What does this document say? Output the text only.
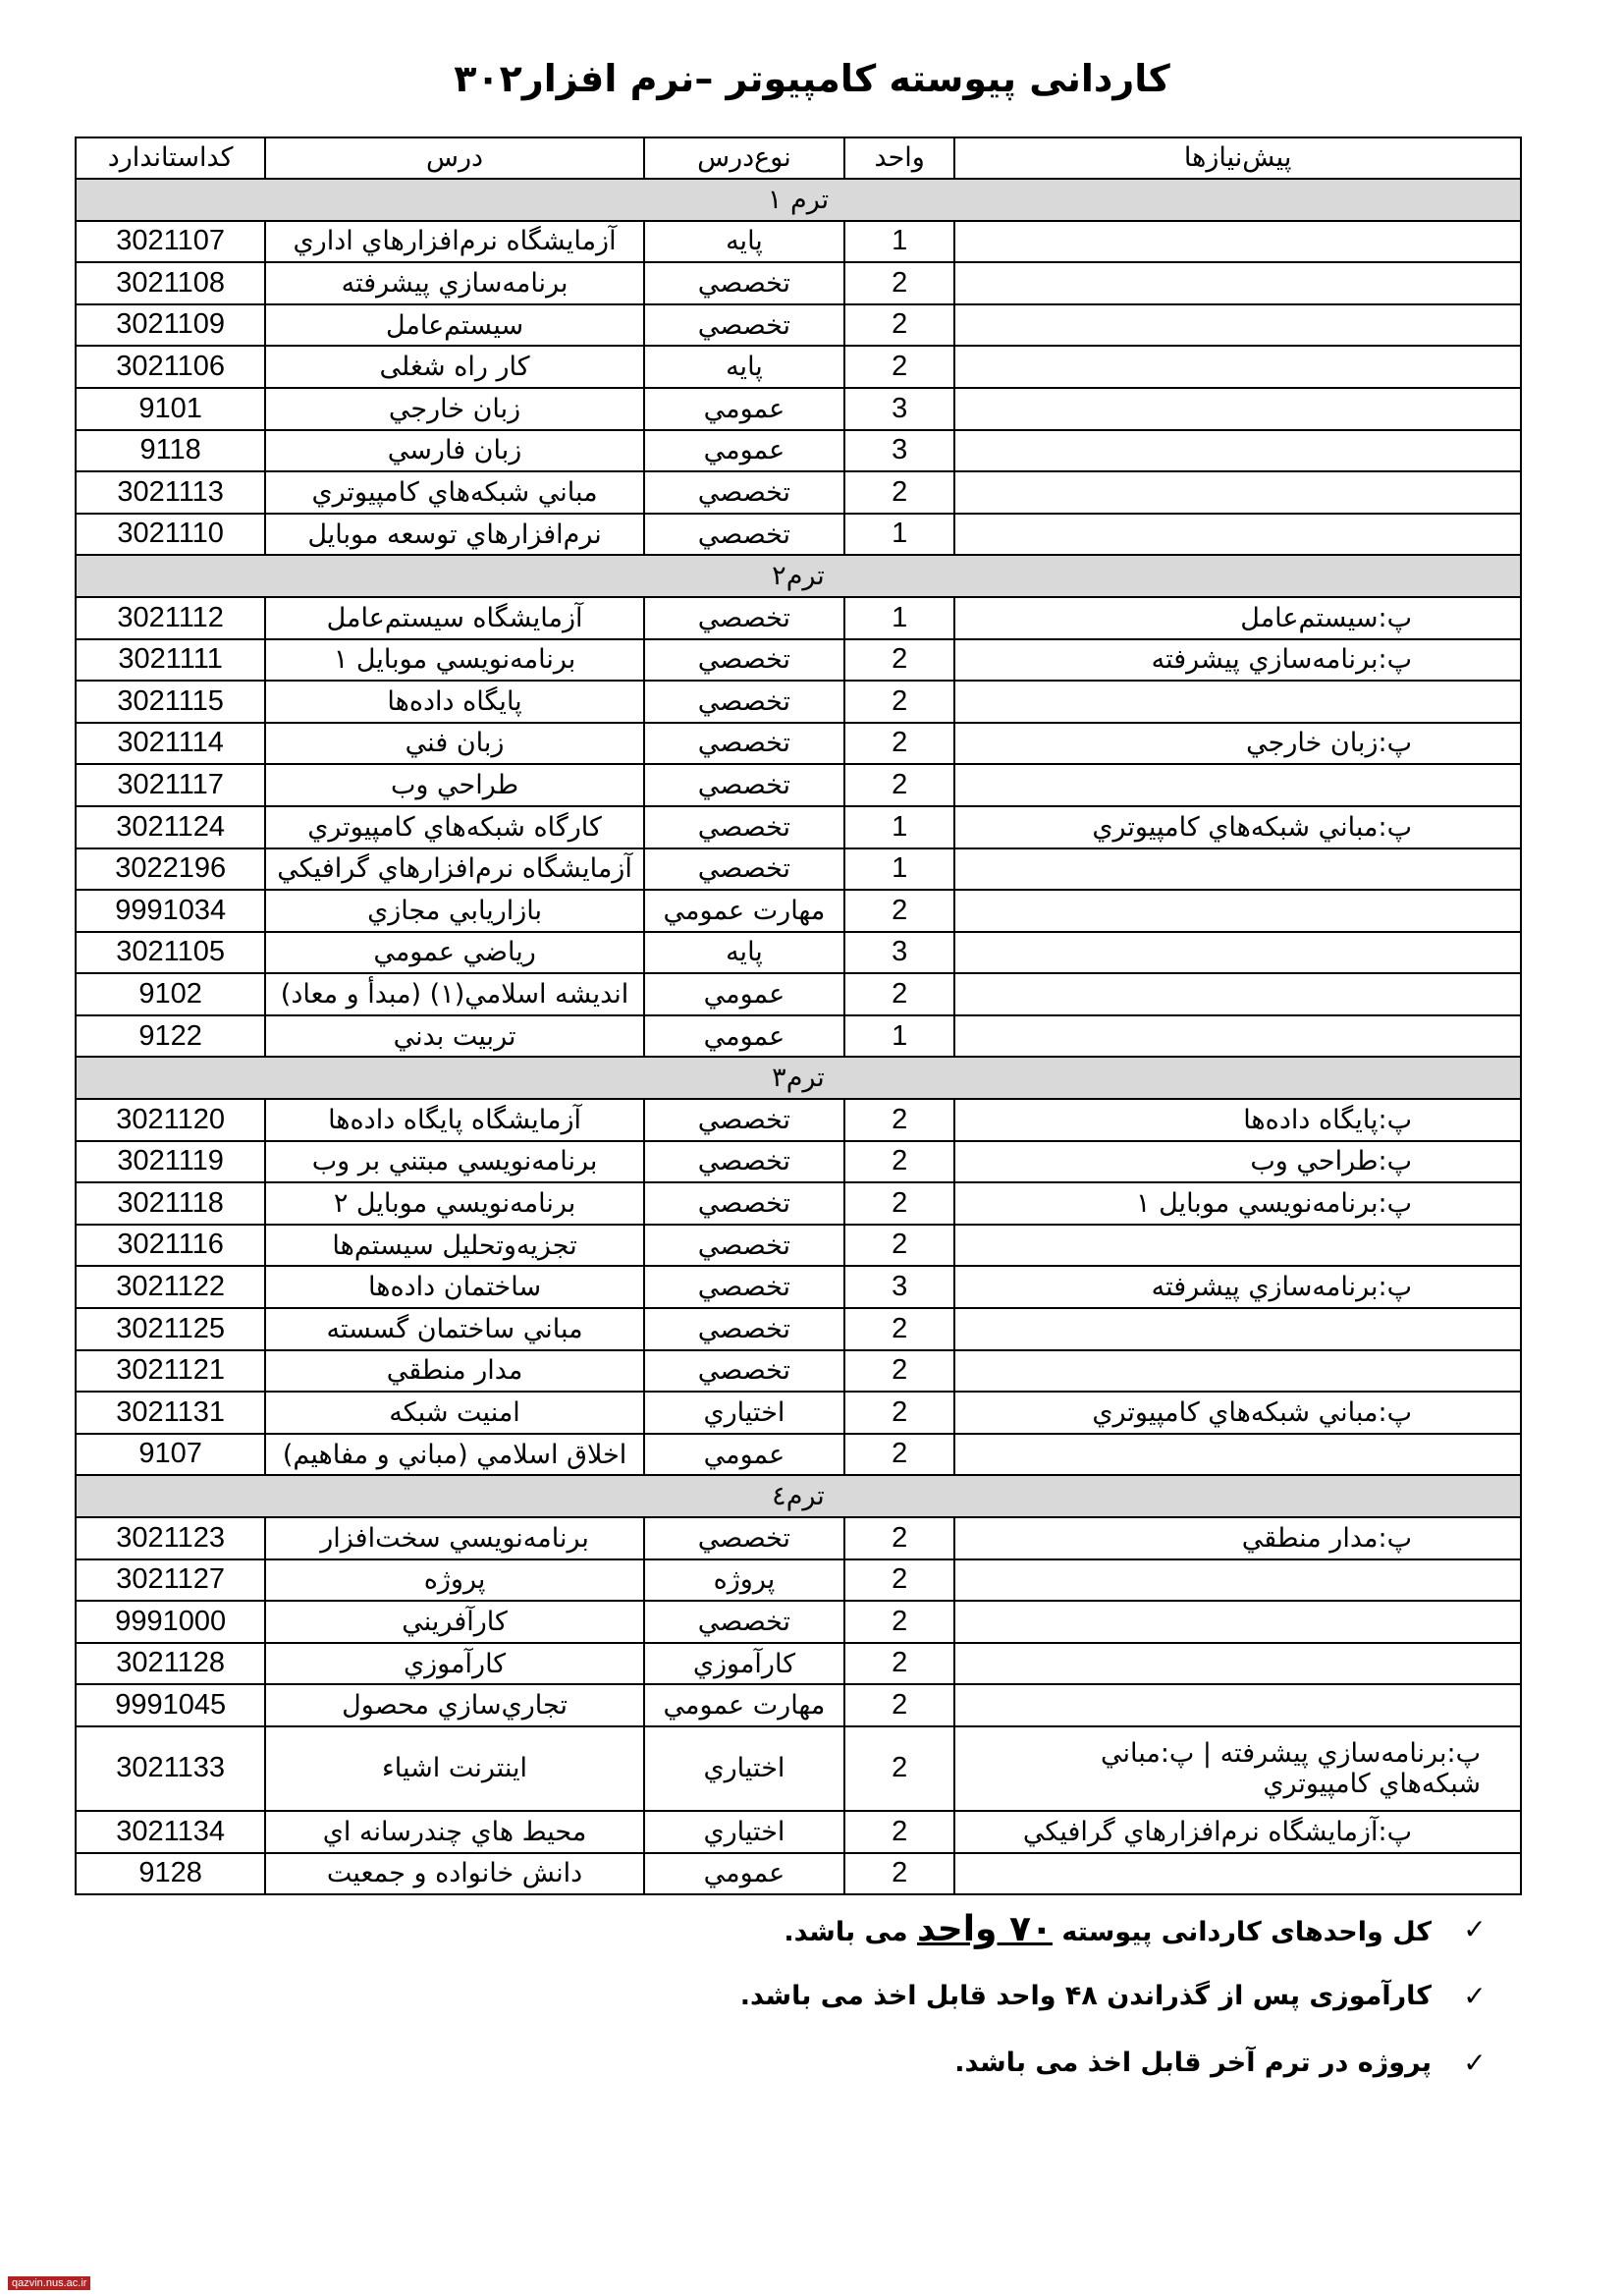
کاردانی پیوسته کامپیوتر –نرم افزار۳۰۲
پیش‌نیازها	واحد	نوع‌درس	درس	کداستاندارد
ترم ۱				
	1	پايه	آزمايشگاه نرم‌افزارهاي اداري	3021107
	2	تخصصي	برنامه‌سازي پيشرفته	3021108
	2	تخصصي	سيستم‌عامل	3021109
	2	پايه	کار راه شغلی	3021106
	3	عمومي	زبان خارجي	9101
	3	عمومي	زبان فارسي	9118
	2	تخصصي	مباني شبكه‌هاي كامپيوتري	3021113
	1	تخصصي	نرم‌افزارهاي توسعه موبايل	3021110
ترم۲				
پ:سيستم‌عامل	1	تخصصي	آزمايشگاه سيستم‌عامل	3021112
پ:برنامه‌سازي پيشرفته	2	تخصصي	برنامه‌نويسي موبايل ۱	3021111
	2	تخصصي	پايگاه داده‌ها	3021115
پ:زبان خارجي	2	تخصصي	زبان فني	3021114
	2	تخصصي	طراحي وب	3021117
پ:مباني شبكه‌هاي كامپيوتري	1	تخصصي	كارگاه شبكه‌هاي كامپيوتري	3021124
	1	تخصصي	آزمايشگاه نرم‌افزارهاي گرافيكي	3022196
	2	مهارت عمومي	بازاريابي مجازي	9991034
	3	پايه	رياضي عمومي	3021105
	2	عمومي	انديشه اسلامي(۱) (مبدأ و معاد)	9102
	1	عمومي	تربيت بدني	9122
ترم۳				
پ:پايگاه داده‌ها	2	تخصصي	آزمايشگاه پايگاه داده‌ها	3021120
پ:طراحي وب	2	تخصصي	برنامه‌نويسي مبتني بر وب	3021119
پ:برنامه‌نويسي موبايل ۱	2	تخصصي	برنامه‌نويسي موبايل ۲	3021118
	2	تخصصي	تجزيه‌وتحليل سيستم‌ها	3021116
پ:برنامه‌سازي پيشرفته	3	تخصصي	ساختمان داده‌ها	3021122
	2	تخصصي	مباني ساختمان گسسته	3021125
	2	تخصصي	مدار منطقي	3021121
پ:مباني شبكه‌هاي كامپيوتري	2	اختياري	امنيت شبكه	3021131
	2	عمومي	اخلاق اسلامي (مباني و مفاهيم)	9107
ترم٤				
پ:مدار منطقي	2	تخصصي	برنامه‌نويسي سخت‌افزار	3021123
	2	پروژه	پروژه	3021127
	2	تخصصي	كارآفريني	9991000
	2	كارآموزي	كارآموزي	3021128
	2	مهارت عمومي	تجاري‌سازي محصول	9991045
پ:برنامه‌سازي پيشرفته | پ:مباني شبكه‌هاي كامپيوتري	2	اختياري	اينترنت اشياء	3021133
پ:آزمايشگاه نرم‌افزارهاي گرافيكي	2	اختياري	محيط هاي چندرسانه اي	3021134
	2	عمومي	دانش خانواده و جمعيت	9128
✓
كل واحدهای كاردانی پیوسته ۷۰ واحد می باشد.
✓
كارآموزی پس از گذراندن ۴۸ واحد قابل اخذ می باشد.
✓
پروژه در ترم آخر قابل اخذ می باشد.
qazvin.nus.ac.ir
